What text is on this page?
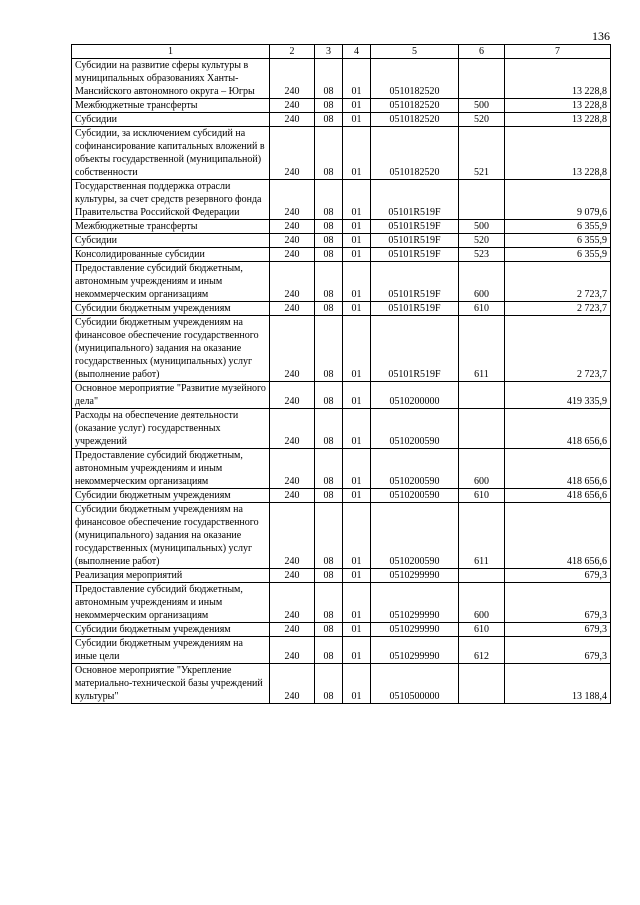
136
1	2	3	4	5	6	7
Субсидии на развитие сферы культуры в муниципальных образованиях Ханты-Мансийского автономного округа – Югры	240	08	01	0510182520		13 228,8
Межбюджетные трансферты	240	08	01	0510182520	500	13 228,8
Субсидии	240	08	01	0510182520	520	13 228,8
Субсидии, за исключением субсидий на софинансирование капитальных вложений в объекты государственной (муниципальной) собственности	240	08	01	0510182520	521	13 228,8
Государственная поддержка отрасли культуры, за счет средств резервного фонда Правительства Российской Федерации	240	08	01	05101R519F		9 079,6
Межбюджетные трансферты	240	08	01	05101R519F	500	6 355,9
Субсидии	240	08	01	05101R519F	520	6 355,9
Консолидированные субсидии	240	08	01	05101R519F	523	6 355,9
Предоставление субсидий бюджетным, автономным учреждениям и иным некоммерческим организациям	240	08	01	05101R519F	600	2 723,7
Субсидии бюджетным учреждениям	240	08	01	05101R519F	610	2 723,7
Субсидии бюджетным учреждениям на финансовое обеспечение государственного (муниципального) задания на оказание государственных (муниципальных) услуг (выполнение работ)	240	08	01	05101R519F	611	2 723,7
Основное мероприятие "Развитие музейного дела"	240	08	01	0510200000		419 335,9
Расходы на обеспечение деятельности (оказание услуг) государственных учреждений	240	08	01	0510200590		418 656,6
Предоставление субсидий бюджетным, автономным учреждениям и иным некоммерческим организациям	240	08	01	0510200590	600	418 656,6
Субсидии бюджетным учреждениям	240	08	01	0510200590	610	418 656,6
Субсидии бюджетным учреждениям на финансовое обеспечение государственного (муниципального) задания на оказание государственных (муниципальных) услуг (выполнение работ)	240	08	01	0510200590	611	418 656,6
Реализация мероприятий	240	08	01	0510299990		679,3
Предоставление субсидий бюджетным, автономным учреждениям и иным некоммерческим организациям	240	08	01	0510299990	600	679,3
Субсидии бюджетным учреждениям	240	08	01	0510299990	610	679,3
Субсидии бюджетным учреждениям на иные цели	240	08	01	0510299990	612	679,3
Основное мероприятие "Укрепление материально-технической базы учреждений культуры"	240	08	01	0510500000		13 188,4
